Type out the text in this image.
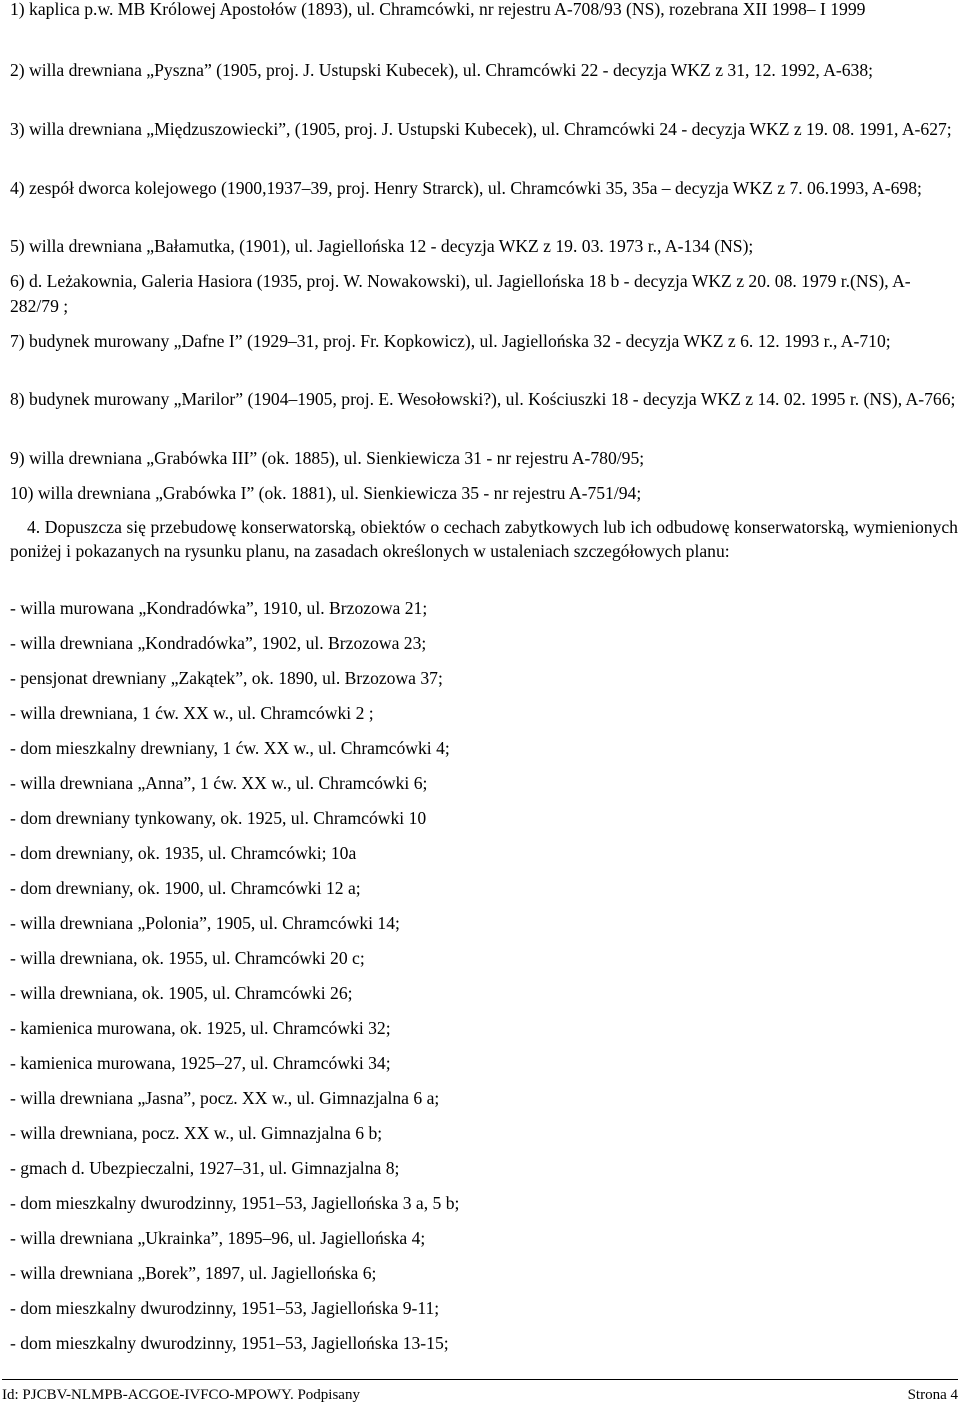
1) kaplica p.w. MB Królowej Apostołów (1893), ul. Chramcówki, nr rejestru A-708/93 (NS), rozebrana XII 1998– I 1999

2) willa drewniana „Pyszna” (1905, proj. J. Ustupski Kubecek), ul. Chramcówki 22 - decyzja WKZ z 31, 12. 1992, A-638;

3) willa drewniana „Międzuszowiecki”, (1905, proj. J. Ustupski Kubecek), ul. Chramcówki 24 - decyzja WKZ z 19. 08. 1991, A-627;

4) zespół dworca kolejowego (1900,1937–39, proj. Henry Strarck), ul. Chramcówki 35, 35a – decyzja WKZ z 7. 06.1993, A-698;

5) willa drewniana „Bałamutka, (1901), ul. Jagiellońska 12 - decyzja WKZ z 19. 03. 1973 r., A-134 (NS);

6) d. Leżakownia, Galeria Hasiora (1935, proj. W. Nowakowski), ul. Jagiellońska 18 b - decyzja WKZ z 20. 08. 1979 r.(NS), A-282/79 ;

7) budynek murowany „Dafne I” (1929–31, proj. Fr. Kopkowicz), ul. Jagiellońska 32 - decyzja WKZ z 6. 12. 1993 r., A-710;

8) budynek murowany „Marilor” (1904–1905, proj. E. Wesołowski?), ul. Kościuszki 18 - decyzja WKZ z 14. 02. 1995 r. (NS), A-766;

9) willa drewniana „Grabówka III” (ok. 1885), ul. Sienkiewicza 31 - nr rejestru A-780/95;

10) willa drewniana „Grabówka I” (ok. 1881), ul. Sienkiewicza 35 - nr rejestru A-751/94;

4. Dopuszcza się przebudowę konserwatorską, obiektów o cechach zabytkowych lub ich odbudowę konserwatorską, wymienionych poniżej i pokazanych na rysunku planu, na zasadach określonych w ustaleniach szczegółowych planu:

- willa murowana „Kondradówka”, 1910, ul. Brzozowa 21;

- willa drewniana „Kondradówka”, 1902, ul. Brzozowa 23;

- pensjonat drewniany „Zakątek”, ok. 1890, ul. Brzozowa 37;

- willa drewniana, 1 ćw. XX w., ul. Chramcówki 2 ;

- dom mieszkalny drewniany, 1 ćw. XX w., ul. Chramcówki 4;

- willa drewniana „Anna”, 1 ćw. XX w., ul. Chramcówki 6;

- dom drewniany tynkowany, ok. 1925, ul. Chramcówki 10

- dom drewniany, ok. 1935, ul. Chramcówki; 10a

- dom drewniany, ok. 1900, ul. Chramcówki 12 a;

- willa drewniana „Polonia”, 1905, ul. Chramcówki 14;

- willa drewniana, ok. 1955, ul. Chramcówki 20 c;

- willa drewniana, ok. 1905, ul. Chramcówki 26;

- kamienica murowana, ok. 1925, ul. Chramcówki 32;

- kamienica murowana, 1925–27, ul. Chramcówki 34;

- willa drewniana „Jasna”, pocz. XX w., ul. Gimnazjalna 6 a;

- willa drewniana, pocz. XX w., ul. Gimnazjalna 6 b;

- gmach d. Ubezpieczalni, 1927–31, ul. Gimnazjalna 8;

- dom mieszkalny dwurodzinny, 1951–53, Jagiellońska 3 a, 5 b;

- willa drewniana „Ukrainka”, 1895–96, ul. Jagiellońska 4;

- willa drewniana „Borek”, 1897, ul. Jagiellońska 6;

- dom mieszkalny dwurodzinny, 1951–53, Jagiellońska 9-11;

- dom mieszkalny dwurodzinny, 1951–53, Jagiellońska 13-15;

Id: PJCBV-NLMPB-ACGOE-IVFCO-MPOWY. Podpisany	Strona 4
